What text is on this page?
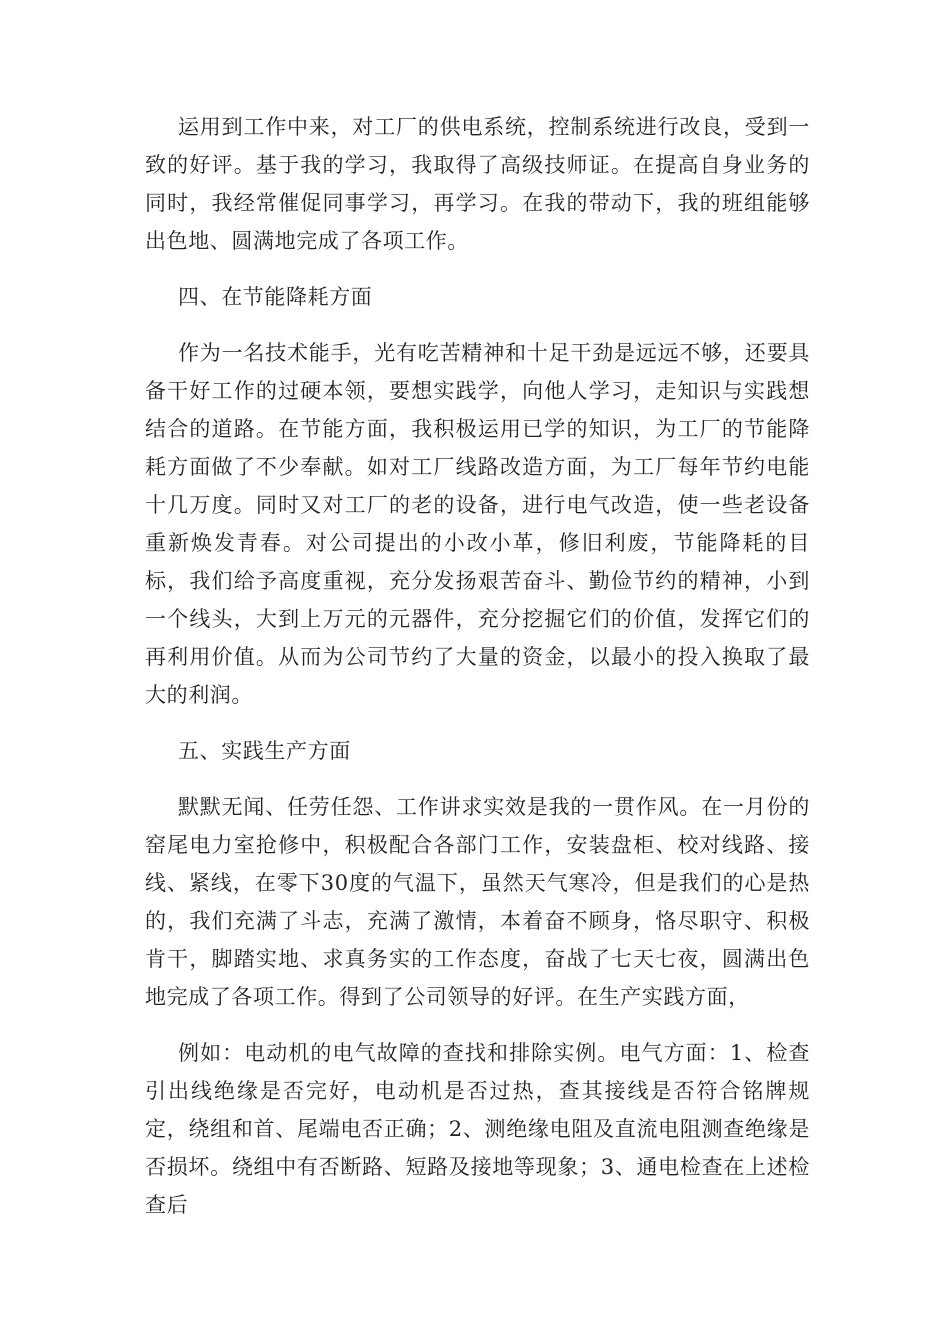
运用到工作中来，对工厂的供电系统，控制系统进行改良，受到一致的好评。基于我的学习，我取得了高级技师证。在提高自身业务的同时，我经常催促同事学习，再学习。在我的带动下，我的班组能够出色地、圆满地完成了各项工作。

四、在节能降耗方面

作为一名技术能手，光有吃苦精神和十足干劲是远远不够，还要具备干好工作的过硬本领，要想实践学，向他人学习，走知识与实践想结合的道路。在节能方面，我积极运用已学的知识，为工厂的节能降耗方面做了不少奉献。如对工厂线路改造方面，为工厂每年节约电能十几万度。同时又对工厂的老的设备，进行电气改造，使一些老设备重新焕发青春。对公司提出的小改小革，修旧利废，节能降耗的目标，我们给予高度重视，充分发扬艰苦奋斗、勤俭节约的精神，小到一个线头，大到上万元的元器件，充分挖掘它们的价值，发挥它们的再利用价值。从而为公司节约了大量的资金，以最小的投入换取了最大的利润。

五、实践生产方面

默默无闻、任劳任怨、工作讲求实效是我的一贯作风。在一月份的窑尾电力室抢修中，积极配合各部门工作，安装盘柜、校对线路、接线、紧线，在零下30度的气温下，虽然天气寒冷，但是我们的心是热的，我们充满了斗志，充满了激情，本着奋不顾身，恪尽职守、积极肯干，脚踏实地、求真务实的工作态度，奋战了七天七夜，圆满出色地完成了各项工作。得到了公司领导的好评。在生产实践方面，

例如：电动机的电气故障的查找和排除实例。电气方面：1、检查引出线绝缘是否完好，电动机是否过热，查其接线是否符合铭牌规定，绕组和首、尾端电否正确；2、测绝缘电阻及直流电阻测查绝缘是否损坏。绕组中有否断路、短路及接地等现象；3、通电检查在上述检查后
